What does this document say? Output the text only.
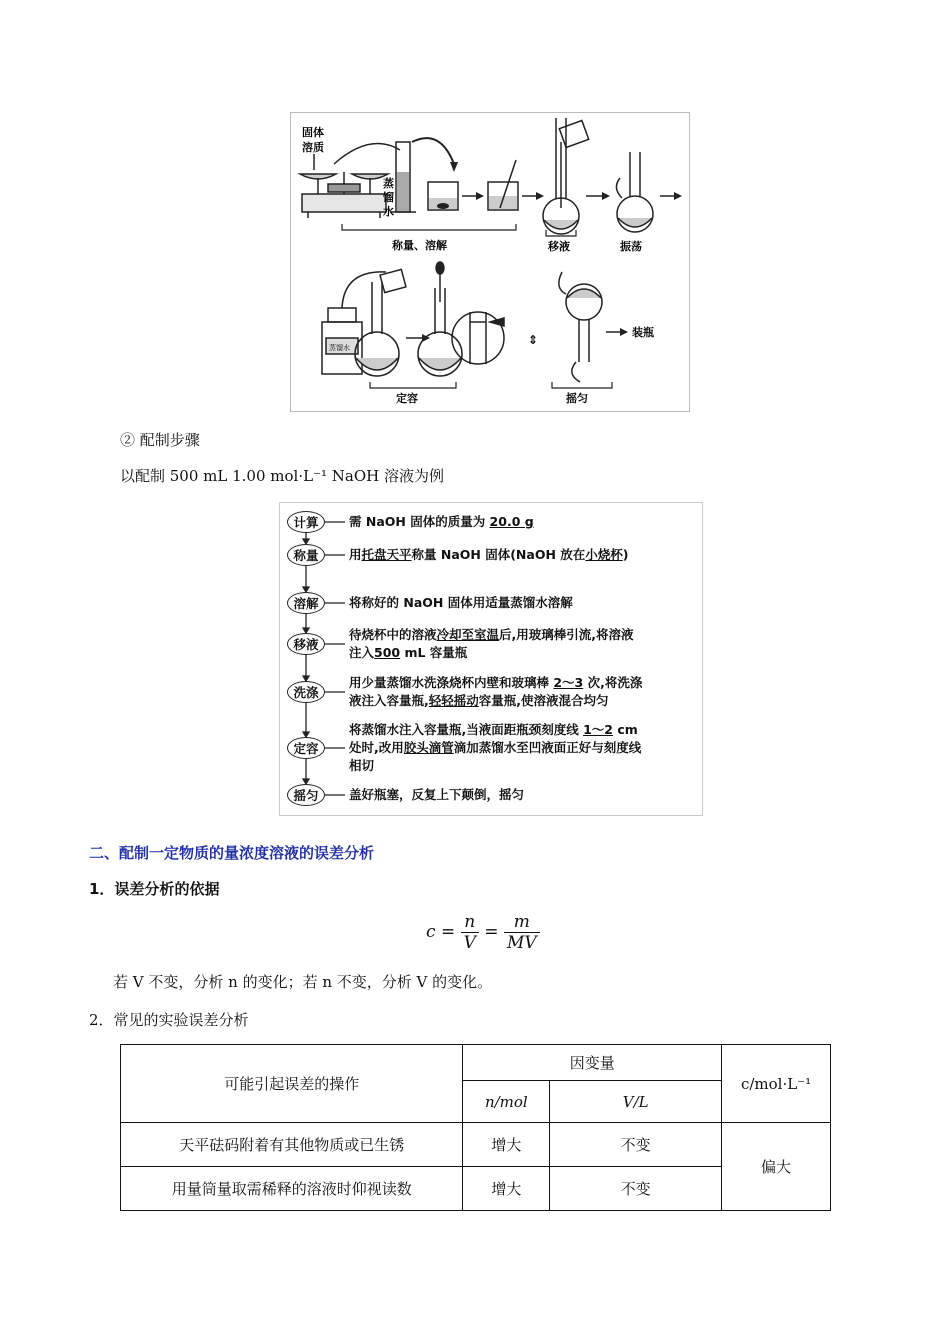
固体
溶质
蒸
馏
水
称量、溶解	移液	振荡
蒸馏水
定容
⇕
装瓶
摇匀
② 配制步骤
以配制 500 mL 1.00 mol·L⁻¹ NaOH 溶液为例
计算	需 NaOH 固体的质量为 20.0 g
称量	用托盘天平称量 NaOH 固体(NaOH 放在小烧杯)
溶解	将称好的 NaOH 固体用适量蒸馏水溶解
移液
待烧杯中的溶液冷却至室温后,用玻璃棒引流,将溶液
注入500 mL 容量瓶
洗涤
用少量蒸馏水洗涤烧杯内壁和玻璃棒 2～3 次,将洗涤
液注入容量瓶,轻轻摇动容量瓶,使溶液混合均匀
定容
将蒸馏水注入容量瓶,当液面距瓶颈刻度线 1～2 cm
处时,改用胶头滴管滴加蒸馏水至凹液面正好与刻度线
相切
摇匀	盖好瓶塞，反复上下颠倒，摇匀
二、配制一定物质的量浓度溶液的误差分析
1．误差分析的依据
$c = \frac{n}{V} = \frac{m}{MV}$
若 V 不变，分析 n 的变化；若 n 不变，分析 V 的变化。
2．常见的实验误差分析
可能引起误差的操作	因变量		c/mol·L⁻¹
	n/mol	V/L	
天平砝码附着有其他物质或已生锈	增大	不变	偏大
用量筒量取需稀释的溶液时仰视读数	增大	不变	
